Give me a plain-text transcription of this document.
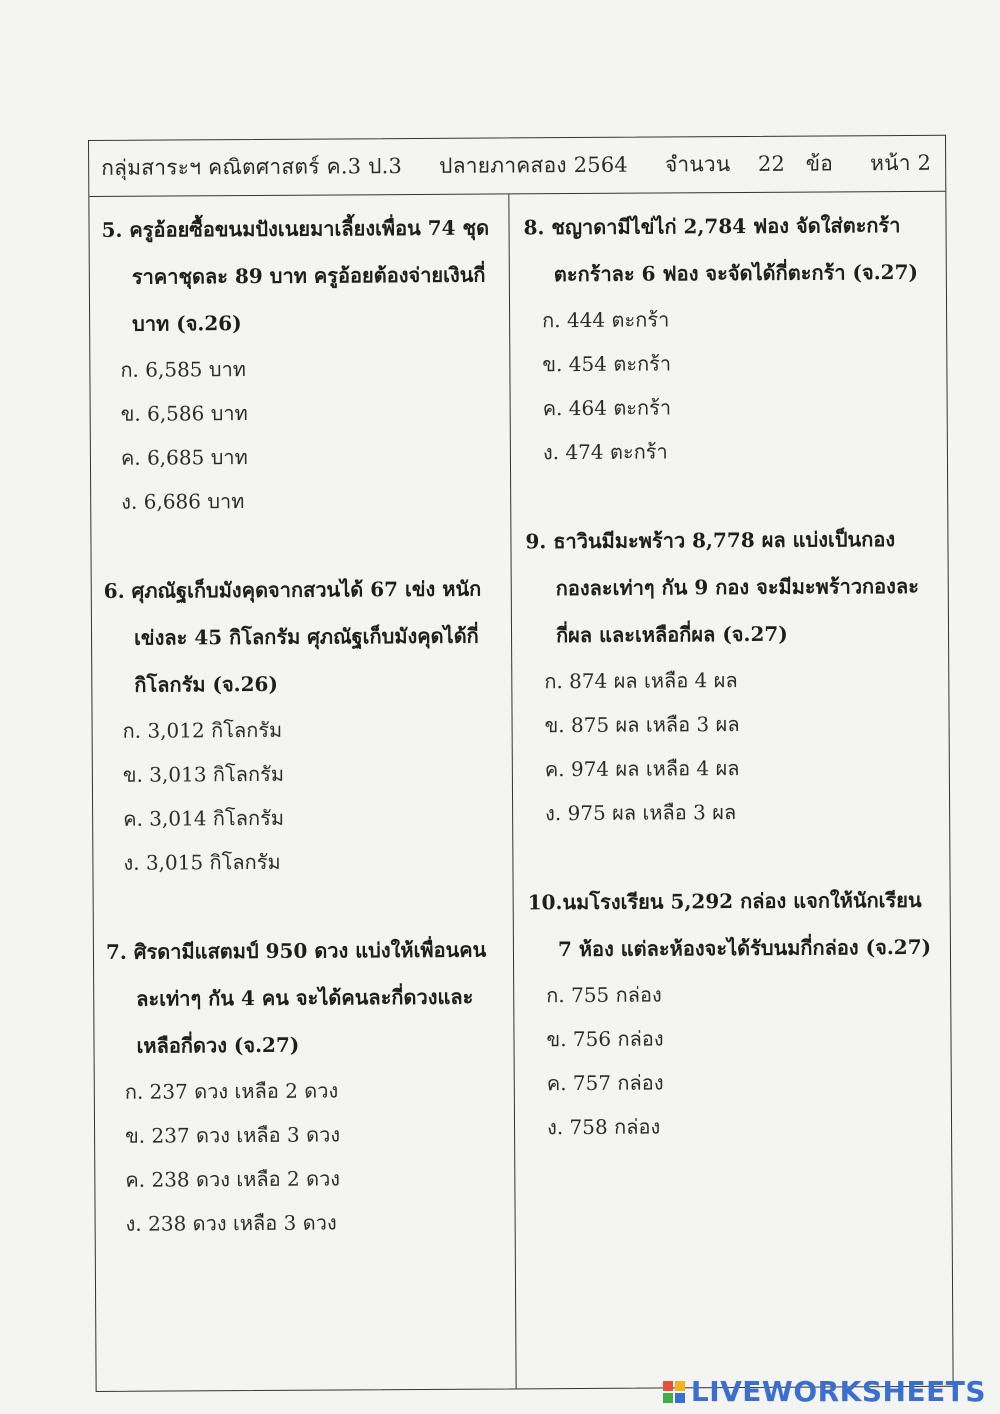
กลุ่มสาระฯ คณิตศาสตร์ ค.3 ป.3 ปลายภาคสอง 2564 จำนวน 22 ข้อ หน้า 2
5. ครูอ้อยซื้อขนมปังเนยมาเลี้ยงเพื่อน 74 ชุด
ราคาชุดละ 89 บาท ครูอ้อยต้องจ่ายเงินกี่
บาท (จ.26)
ก. 6,585 บาท
ข. 6,586 บาท
ค. 6,685 บาท
ง. 6,686 บาท
6. ศุภณัฐเก็บมังคุดจากสวนได้ 67 เข่ง หนัก
เข่งละ 45 กิโลกรัม ศุภณัฐเก็บมังคุดได้กี่
กิโลกรัม (จ.26)
ก. 3,012 กิโลกรัม
ข. 3,013 กิโลกรัม
ค. 3,014 กิโลกรัม
ง. 3,015 กิโลกรัม
7. ศิรดามีแสตมป์ 950 ดวง แบ่งให้เพื่อนคน
ละเท่าๆ กัน 4 คน จะได้คนละกี่ดวงและ
เหลือกี่ดวง (จ.27)
ก. 237 ดวง เหลือ 2 ดวง
ข. 237 ดวง เหลือ 3 ดวง
ค. 238 ดวง เหลือ 2 ดวง
ง. 238 ดวง เหลือ 3 ดวง
8. ชญาดามีไข่ไก่ 2,784 ฟอง จัดใส่ตะกร้า
ตะกร้าละ 6 ฟอง จะจัดได้กี่ตะกร้า (จ.27)
ก. 444 ตะกร้า
ข. 454 ตะกร้า
ค. 464 ตะกร้า
ง. 474 ตะกร้า
9. ธาวินมีมะพร้าว 8,778 ผล แบ่งเป็นกอง
กองละเท่าๆ กัน 9 กอง จะมีมะพร้าวกองละ
กี่ผล และเหลือกี่ผล (จ.27)
ก. 874 ผล เหลือ 4 ผล
ข. 875 ผล เหลือ 3 ผล
ค. 974 ผล เหลือ 4 ผล
ง. 975 ผล เหลือ 3 ผล
10.นมโรงเรียน 5,292 กล่อง แจกให้นักเรียน
7 ห้อง แต่ละห้องจะได้รับนมกี่กล่อง (จ.27)
ก. 755 กล่อง
ข. 756 กล่อง
ค. 757 กล่อง
ง. 758 กล่อง
LIVEWORKSHEETS
